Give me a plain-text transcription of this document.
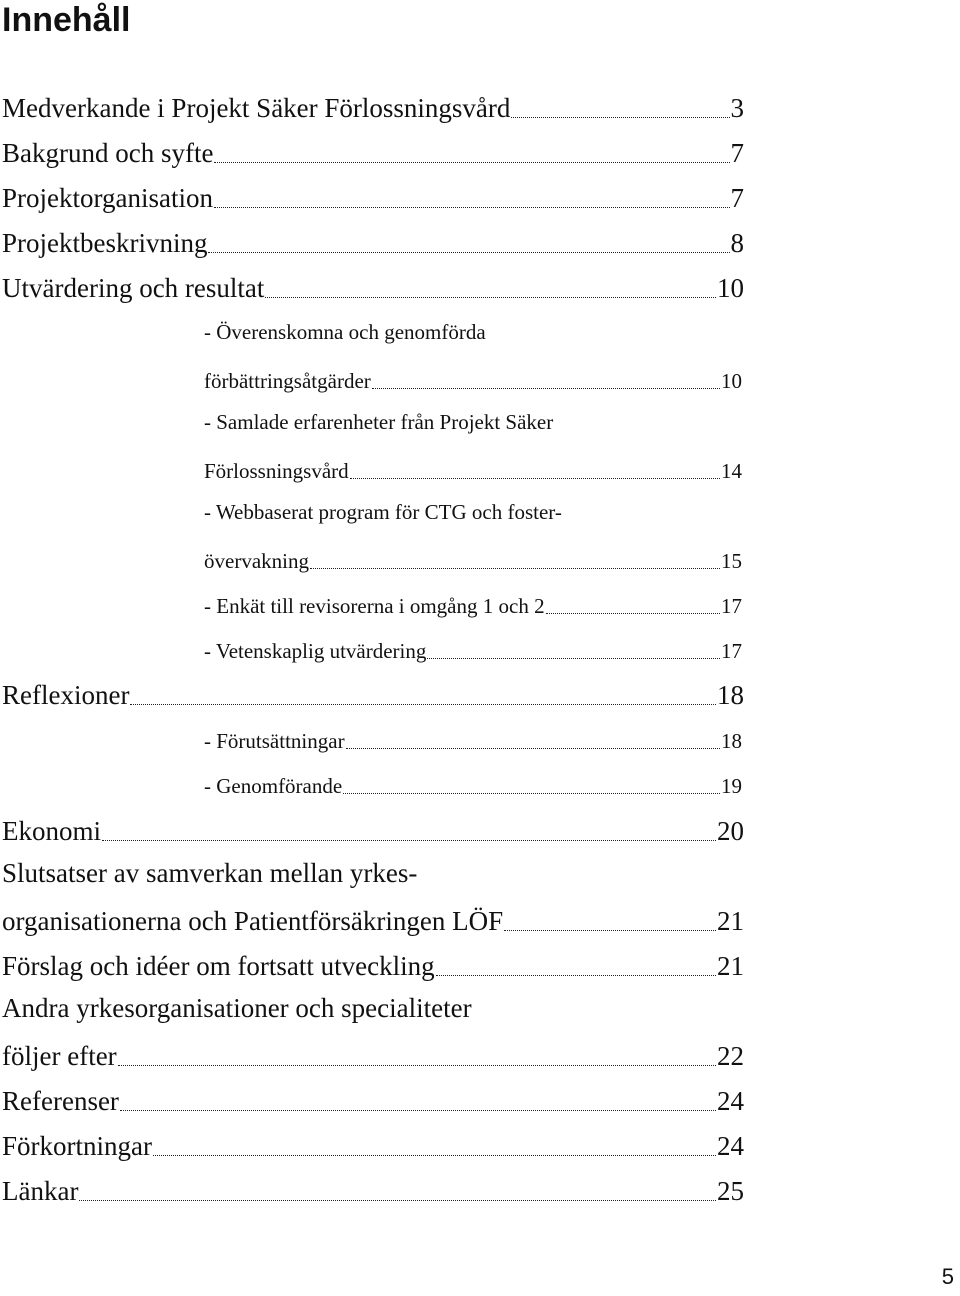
Innehåll
Medverkande i Projekt Säker Förlossningsvård	3
Bakgrund och syfte	7
Projektorganisation	7
Projektbeskrivning	8
Utvärdering och resultat	10
- Överenskomna och genomförda
förbättringsåtgärder	10
- Samlade erfarenheter från Projekt Säker
Förlossningsvård	14
- Webbaserat program för CTG och foster-
övervakning	15
- Enkät till revisorerna i omgång 1 och 2	17
- Vetenskaplig utvärdering	17
Reflexioner	18
- Förutsättningar	18
- Genomförande	19
Ekonomi	20
Slutsatser av samverkan mellan yrkes-
organisationerna och Patientförsäkringen LÖF	21
Förslag och idéer om fortsatt utveckling	21
Andra yrkesorganisationer och specialiteter
följer efter	22
Referenser	24
Förkortningar	24
Länkar	25
5
